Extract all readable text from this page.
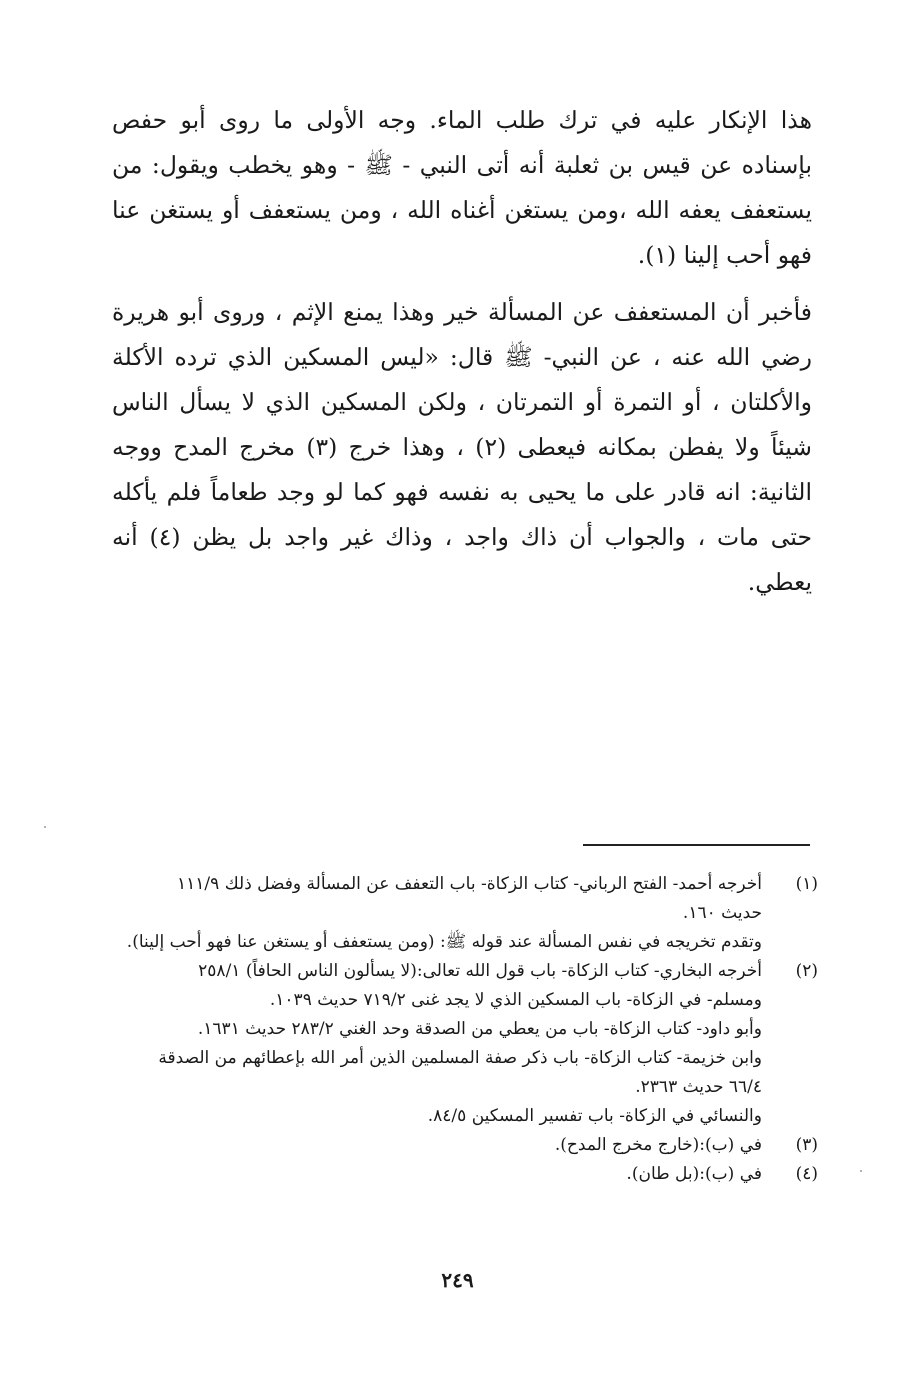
هذا الإنكار عليه في ترك طلب الماء. وجه الأولى ما روى أبو حفص بإسناده عن قيس بن ثعلبة أنه أتى النبي - ﷺ - وهو يخطب ويقول: من يستعفف يعفه الله ،ومن يستغن أغناه الله ، ومن يستعفف أو يستغن عنا فهو أحب إلينا (١).

فأخبر أن المستعفف عن المسألة خير وهذا يمنع الإثم ، وروى أبو هريرة رضي الله عنه ، عن النبي- ﷺ قال: «ليس المسكين الذي ترده الأكلة والأكلتان ، أو التمرة أو التمرتان ، ولكن المسكين الذي لا يسأل الناس شيئاً ولا يفطن بمكانه فيعطى (٢) ، وهذا خرج (٣) مخرج المدح ووجه الثانية: انه قادر على ما يحيى به نفسه فهو كما لو وجد طعاماً فلم يأكله حتى مات ، والجواب أن ذاك واجد ، وذاك غير واجد بل يظن (٤) أنه يعطي.

(١)
أخرجه أحمد- الفتح الرباني- كتاب الزكاة- باب التعفف عن المسألة وفضل ذلك ١١١/٩
حديث ١٦٠.
وتقدم تخريجه في نفس المسألة عند قوله ﷺ: (ومن يستعفف أو يستغن عنا فهو أحب إلينا).
(٢)
أخرجه البخاري- كتاب الزكاة- باب قول الله تعالى:(لا يسألون الناس الحافاً) ٢٥٨/١
ومسلم- في الزكاة- باب المسكين الذي لا يجد غنى ٧١٩/٢ حديث ١٠٣٩.
وأبو داود- كتاب الزكاة- باب من يعطي من الصدقة وحد الغني ٢٨٣/٢ حديث ١٦٣١.
وابن خزيمة- كتاب الزكاة- باب ذكر صفة المسلمين الذين أمر الله بإعطائهم من الصدقة
٦٦/٤ حديث ٢٣٦٣.
والنسائي في الزكاة- باب تفسير المسكين ٨٤/٥.
(٣)
في (ب):(خارج مخرج المدح).
(٤)
في (ب):(بل طان).
٢٤٩
